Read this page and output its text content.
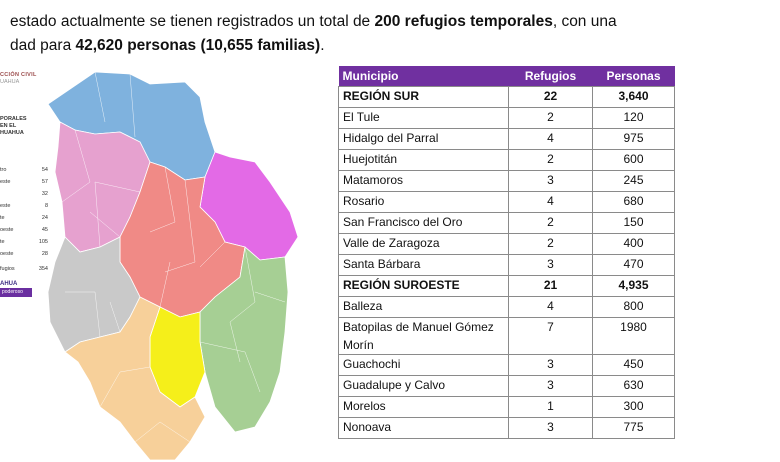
estado actualmente se tienen registrados un total de 200 refugios temporales, con una
dad para 42,620 personas (10,655 familias).
CCIÓN CIVIL
UAHUA
PORALES
EN EL
HUAHUA
tro	54
este	57
32
este	8
te	24
oeste	45
te	105
oeste	28
fugios	354
AHUA
poderoso
Municipio	Refugios	Personas
REGIÓN SUR	22	3,640
El Tule	2	120
Hidalgo del Parral	4	975
Huejotitán	2	600
Matamoros	3	245
Rosario	4	680
San Francisco del Oro	2	150
Valle de Zaragoza	2	400
Santa Bárbara	3	470
REGIÓN SUROESTE	21	4,935
Balleza	4	800
Batopilas de Manuel Gómez Morín	7	1980
Guachochi	3	450
Guadalupe y Calvo	3	630
Morelos	1	300
Nonoava	3	775
